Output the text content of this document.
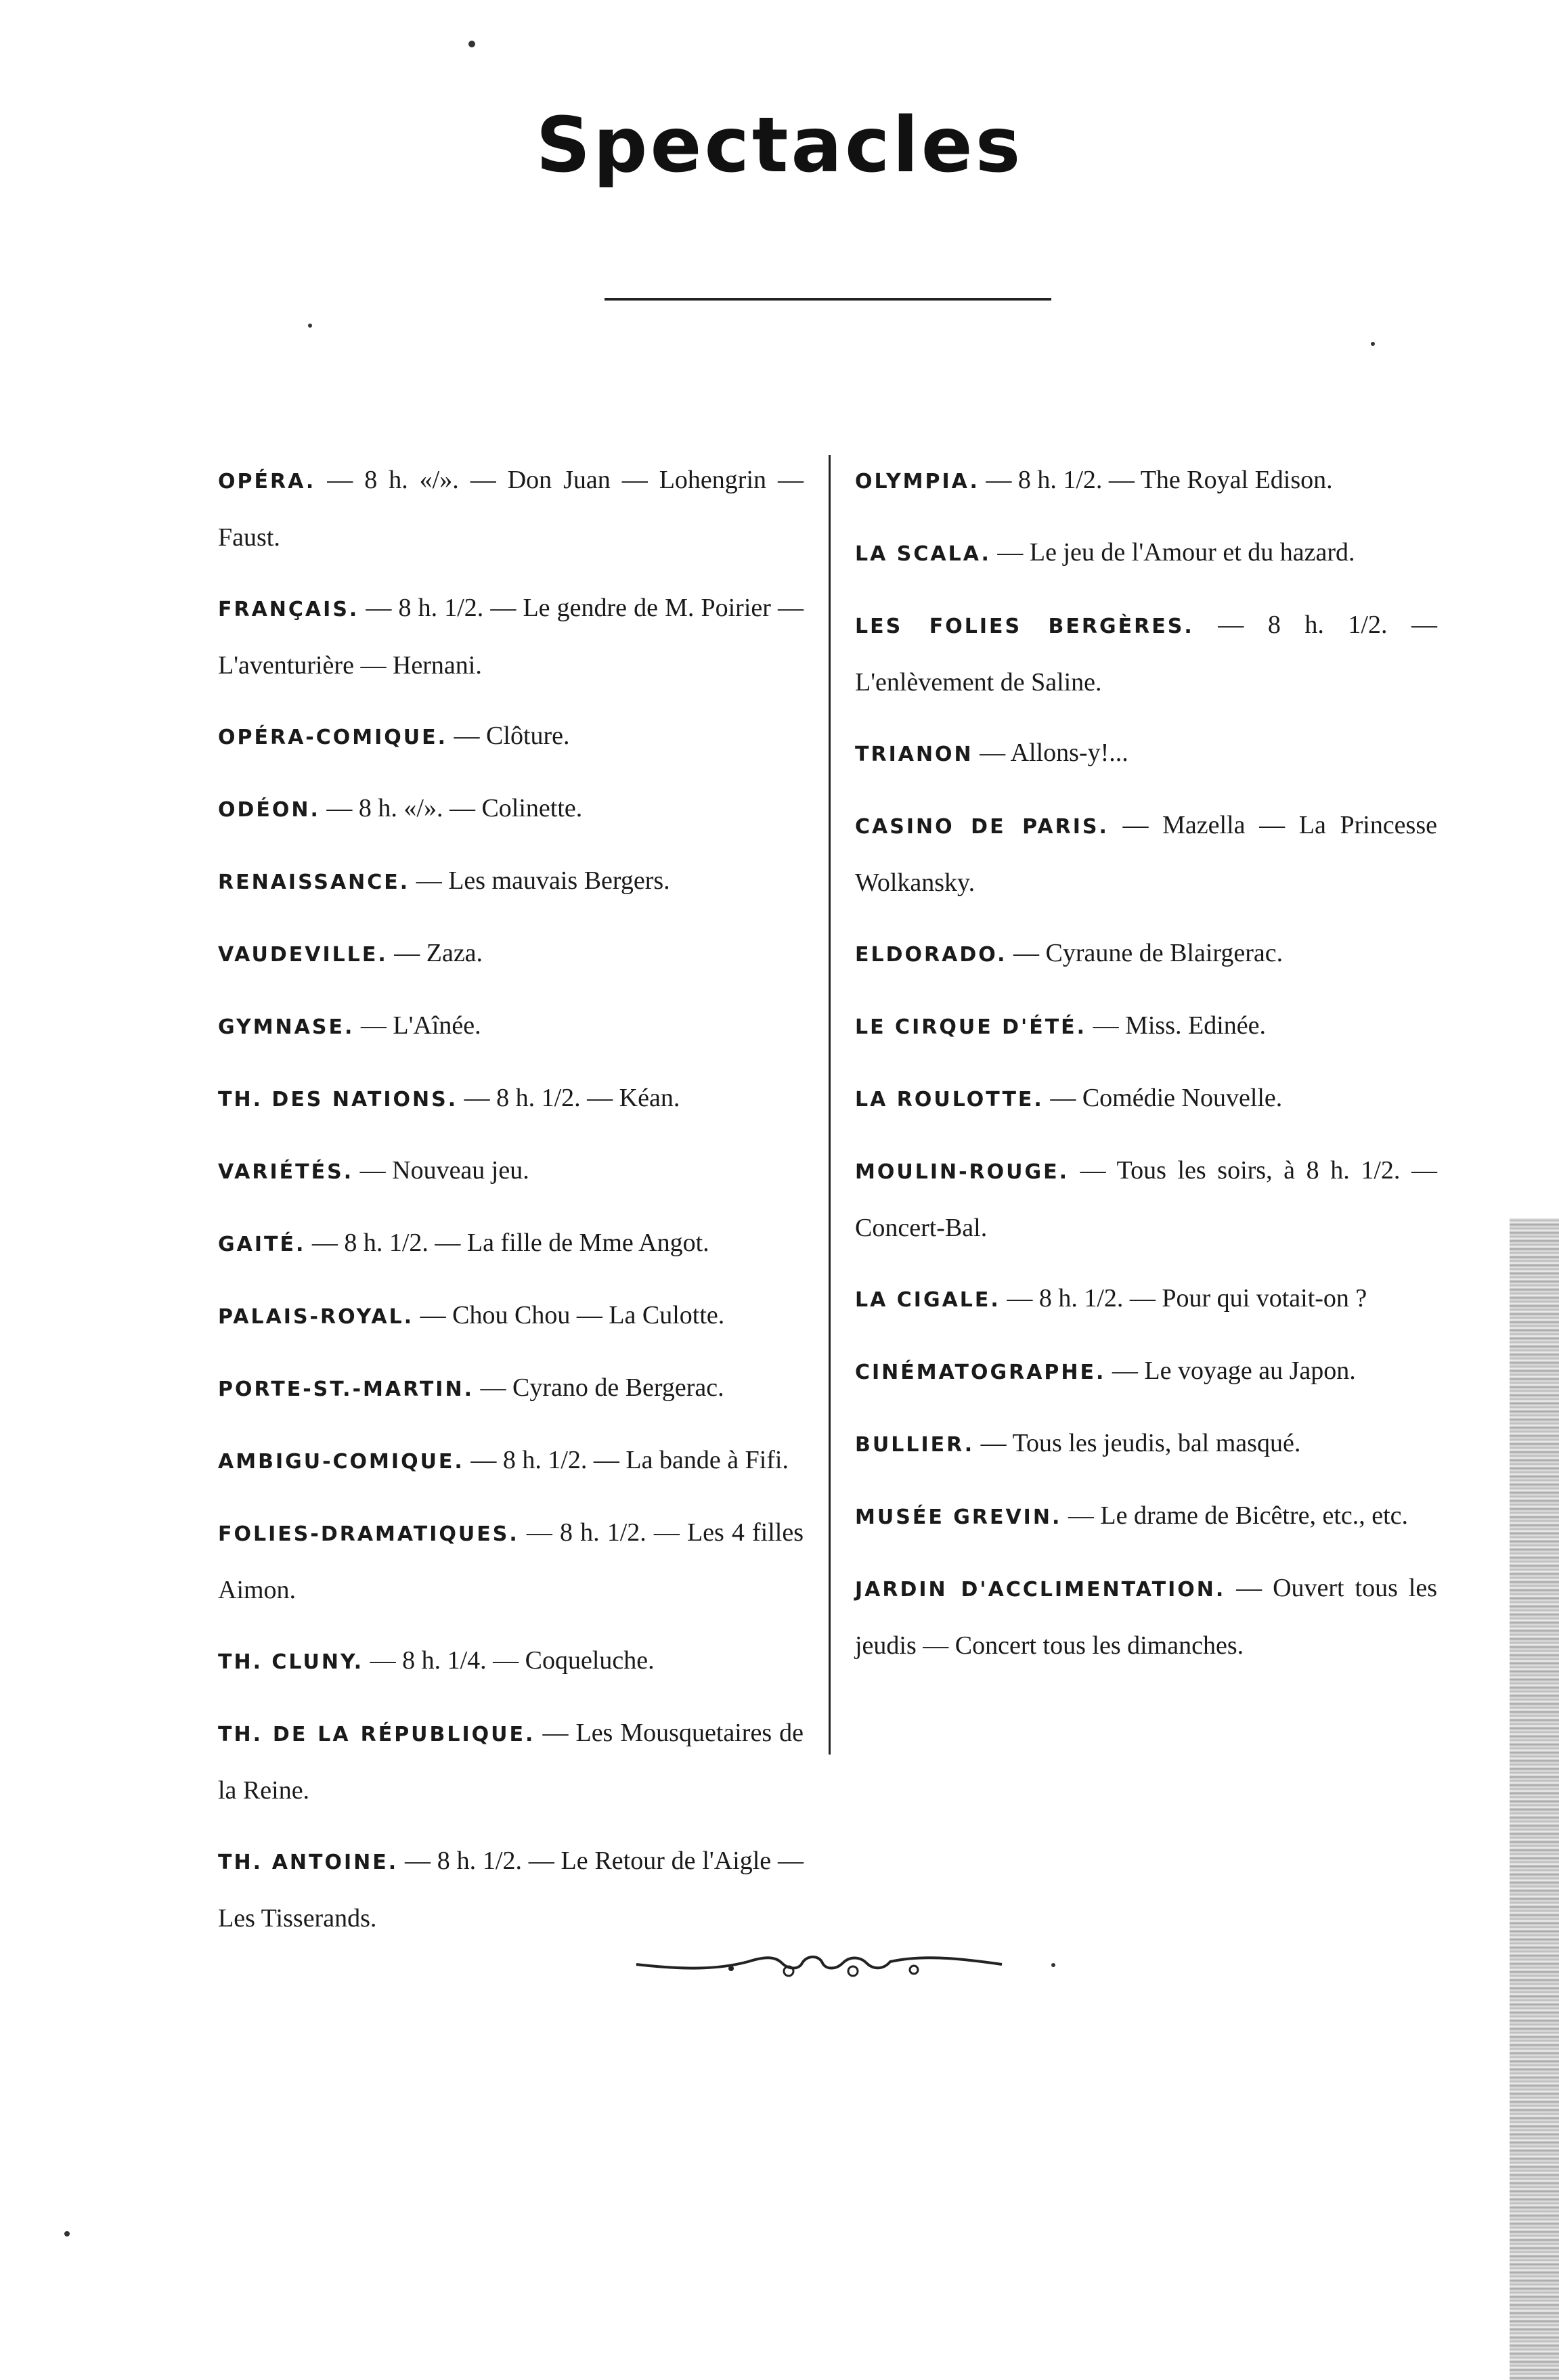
Spectacles

OPÉRA. — 8 h. «/». — Don Juan — Lohengrin — Faust.

FRANÇAIS. — 8 h. 1/2. — Le gendre de M. Poirier — L'aventurière — Hernani.

OPÉRA-COMIQUE. — Clôture.

ODÉON. — 8 h. «/». — Colinette.

RENAISSANCE. — Les mauvais Bergers.

VAUDEVILLE. — Zaza.

GYMNASE. — L'Aînée.

TH. DES NATIONS. — 8 h. 1/2. — Kéan.

VARIÉTÉS. — Nouveau jeu.

GAITÉ. — 8 h. 1/2. — La fille de Mme Angot.

PALAIS-ROYAL. — Chou Chou — La Culotte.

PORTE-ST.-MARTIN. — Cyrano de Bergerac.

AMBIGU-COMIQUE. — 8 h. 1/2. — La bande à Fifi.

FOLIES-DRAMATIQUES. — 8 h. 1/2. — Les 4 filles Aimon.

TH. CLUNY. — 8 h. 1/4. — Coqueluche.

TH. DE LA RÉPUBLIQUE. — Les Mousquetaires de la Reine.

TH. ANTOINE. — 8 h. 1/2. — Le Retour de l'Aigle — Les Tisserands.

OLYMPIA. — 8 h. 1/2. — The Royal Edison.

LA SCALA. — Le jeu de l'Amour et du hazard.

LES FOLIES BERGÈRES. — 8 h. 1/2. — L'enlèvement de Saline.

TRIANON — Allons-y!...

CASINO DE PARIS. — Mazella — La Princesse Wolkansky.

ELDORADO. — Cyraune de Blairgerac.

LE CIRQUE D'ÉTÉ. — Miss. Edinée.

LA ROULOTTE. — Comédie Nouvelle.

MOULIN-ROUGE. — Tous les soirs, à 8 h. 1/2. — Concert-Bal.

LA CIGALE. — 8 h. 1/2. — Pour qui votait-on ?

CINÉMATOGRAPHE. — Le voyage au Japon.

BULLIER. — Tous les jeudis, bal masqué.

MUSÉE GREVIN. — Le drame de Bicêtre, etc., etc.

JARDIN D'ACCLIMENTATION. — Ouvert tous les jeudis — Concert tous les dimanches.
